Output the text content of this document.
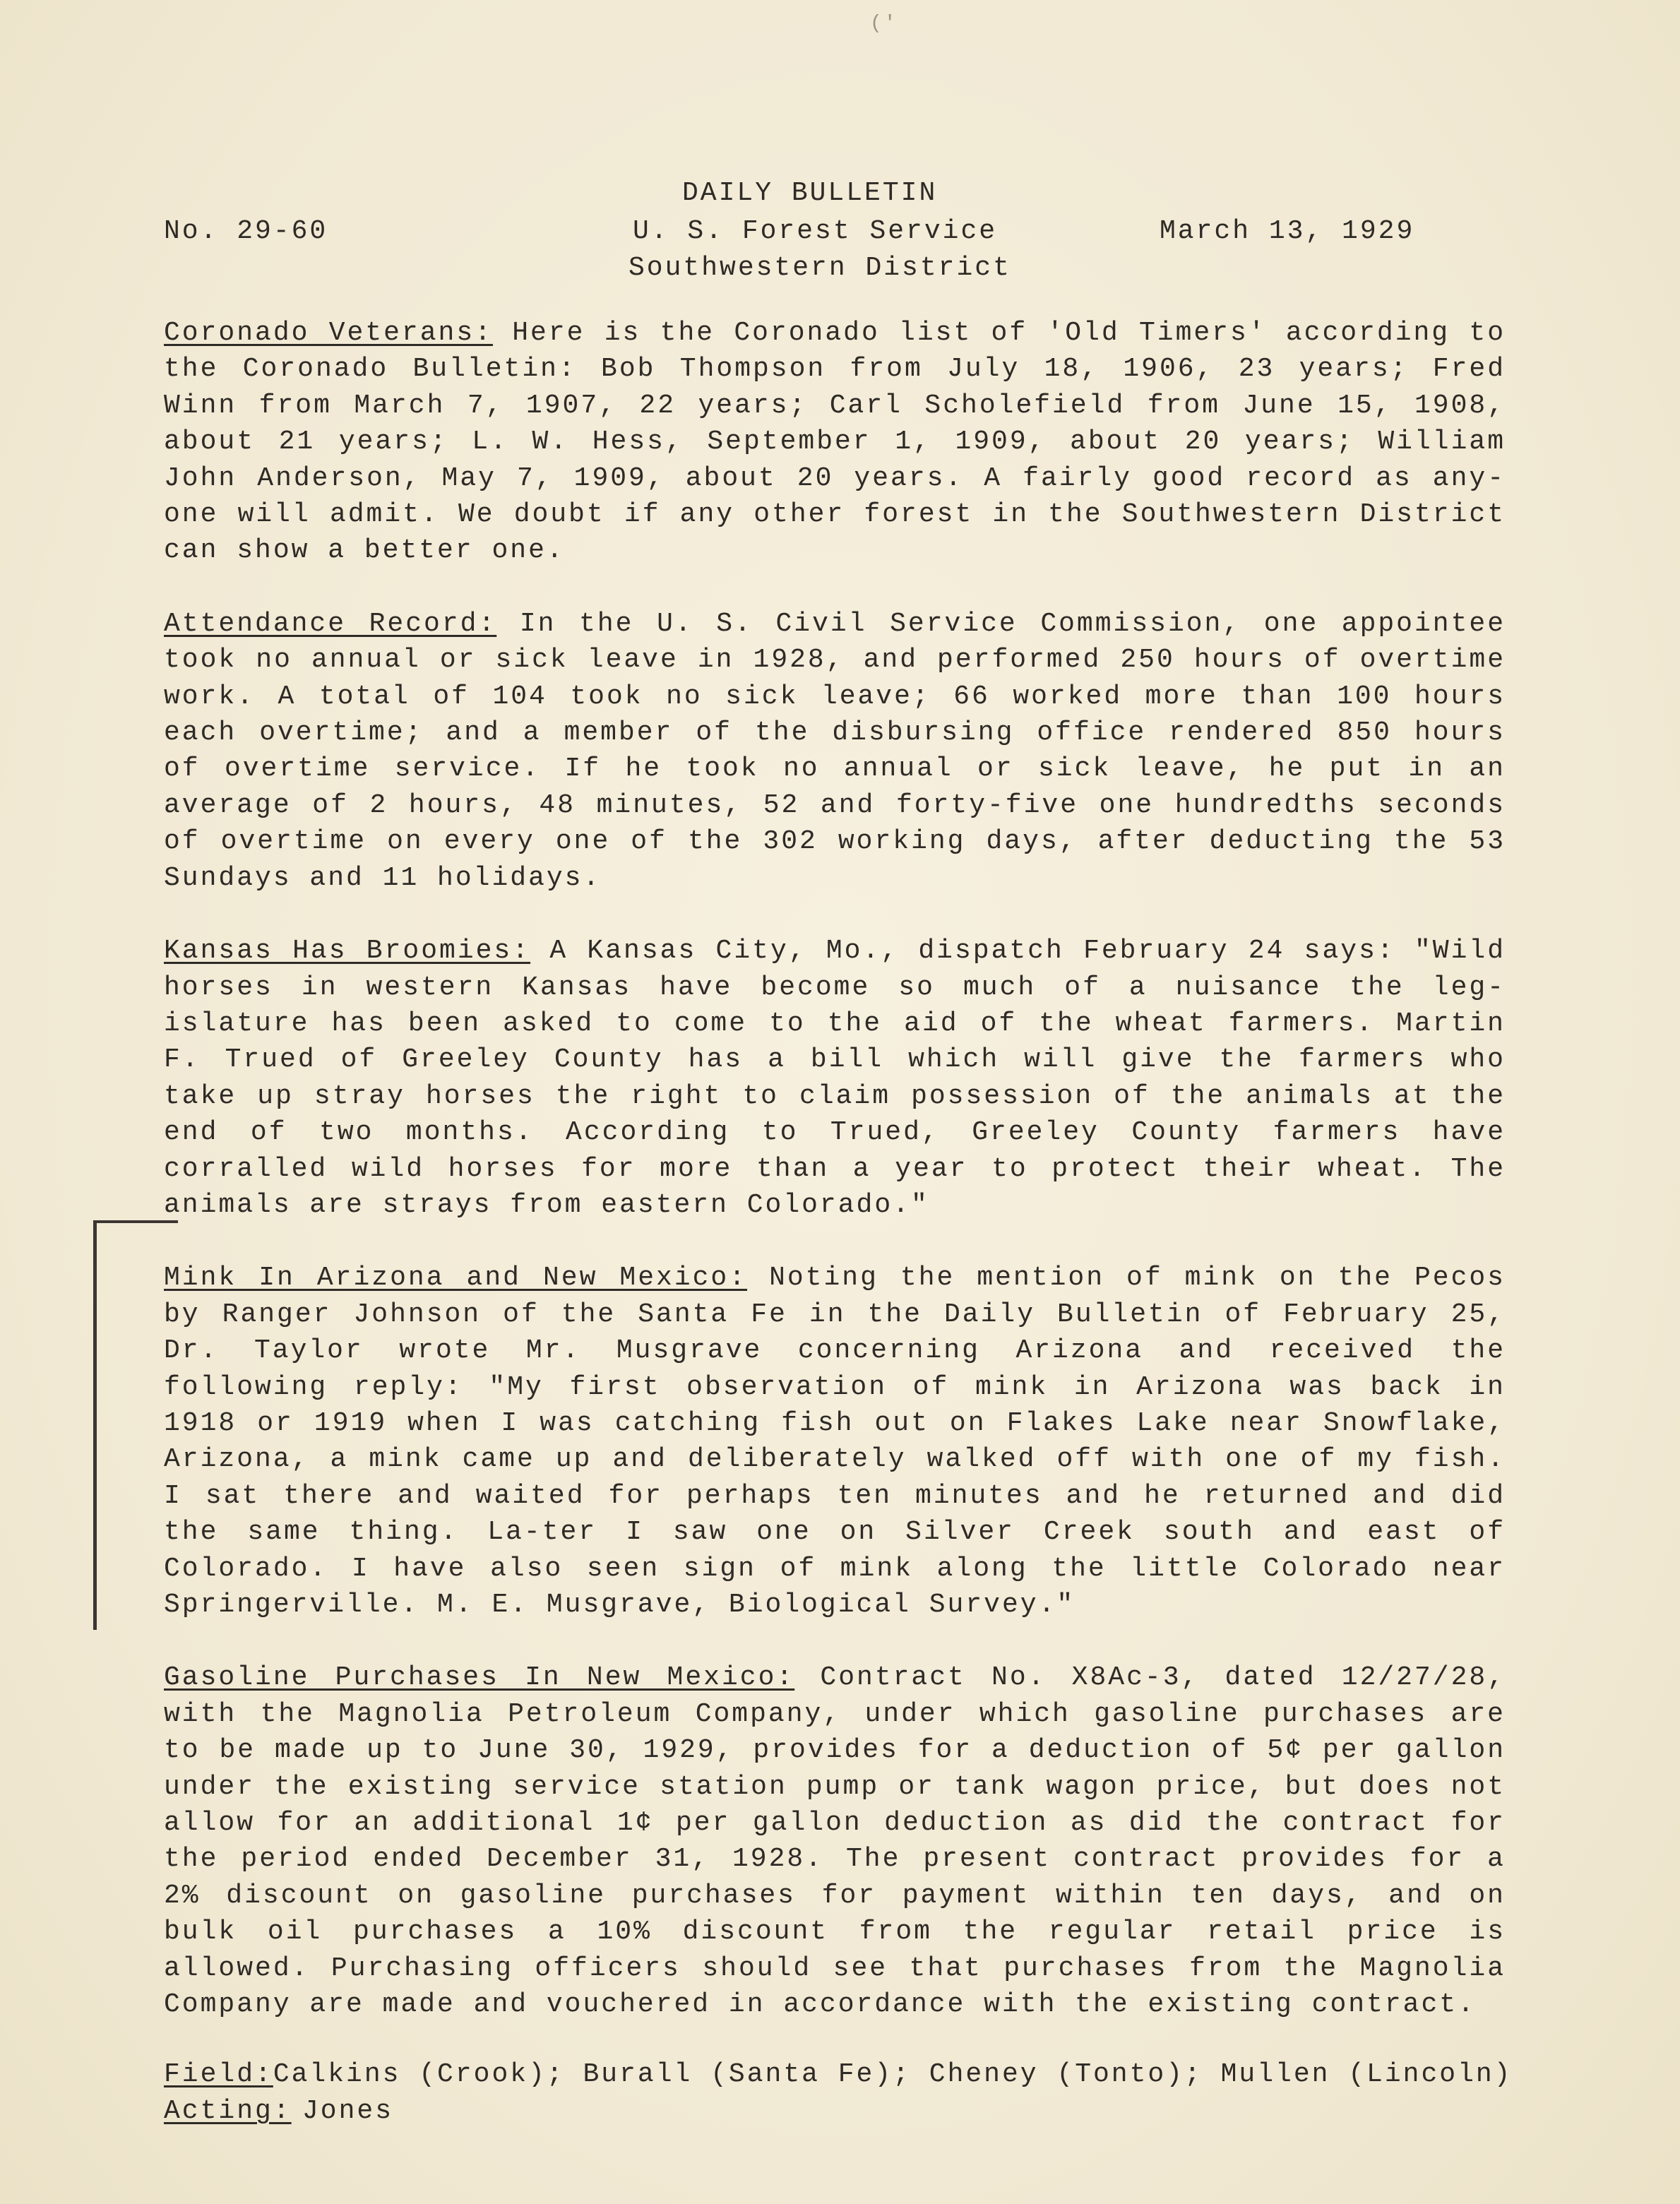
('
DAILY BULLETIN
No. 29-60	U. S. Forest Service	March 13, 1929
Southwestern District

Coronado Veterans: Here is the Coronado list of 'Old Timers' according to the Coronado Bulletin: Bob Thompson from July 18, 1906, 23 years; Fred Winn from March 7, 1907, 22 years; Carl Scholefield from June 15, 1908, about 21 years; L. W. Hess, September 1, 1909, about 20 years; William John Anderson, May 7, 1909, about 20 years. A fairly good record as any-one will admit. We doubt if any other forest in the Southwestern District can show a better one.

Attendance Record: In the U. S. Civil Service Commission, one appointee took no annual or sick leave in 1928, and performed 250 hours of overtime work. A total of 104 took no sick leave; 66 worked more than 100 hours each overtime; and a member of the disbursing office rendered 850 hours of overtime service. If he took no annual or sick leave, he put in an average of 2 hours, 48 minutes, 52 and forty-five one hundredths seconds of overtime on every one of the 302 working days, after deducting the 53 Sundays and 11 holidays.

Kansas Has Broomies: A Kansas City, Mo., dispatch February 24 says: "Wild horses in western Kansas have become so much of a nuisance the leg-islature has been asked to come to the aid of the wheat farmers. Martin F. Trued of Greeley County has a bill which will give the farmers who take up stray horses the right to claim possession of the animals at the end of two months. According to Trued, Greeley County farmers have corralled wild horses for more than a year to protect their wheat. The animals are strays from eastern Colorado."

Mink In Arizona and New Mexico: Noting the mention of mink on the Pecos by Ranger Johnson of the Santa Fe in the Daily Bulletin of February 25, Dr. Taylor wrote Mr. Musgrave concerning Arizona and received the following reply: "My first observation of mink in Arizona was back in 1918 or 1919 when I was catching fish out on Flakes Lake near Snowflake, Arizona, a mink came up and deliberately walked off with one of my fish. I sat there and waited for perhaps ten minutes and he returned and did the same thing. La-ter I saw one on Silver Creek south and east of Colorado. I have also seen sign of mink along the little Colorado near Springerville. M. E. Musgrave, Biological Survey."

Gasoline Purchases In New Mexico: Contract No. X8Ac-3, dated 12/27/28, with the Magnolia Petroleum Company, under which gasoline purchases are to be made up to June 30, 1929, provides for a deduction of 5¢ per gallon under the existing service station pump or tank wagon price, but does not allow for an additional 1¢ per gallon deduction as did the contract for the period ended December 31, 1928. The present contract provides for a 2% discount on gasoline purchases for payment within ten days, and on bulk oil purchases a 10% discount from the regular retail price is allowed. Purchasing officers should see that purchases from the Magnolia Company are made and vouchered in accordance with the existing contract.

Field: Calkins (Crook); Burall (Santa Fe); Cheney (Tonto); Mullen (Lincoln)
Acting: Jones
